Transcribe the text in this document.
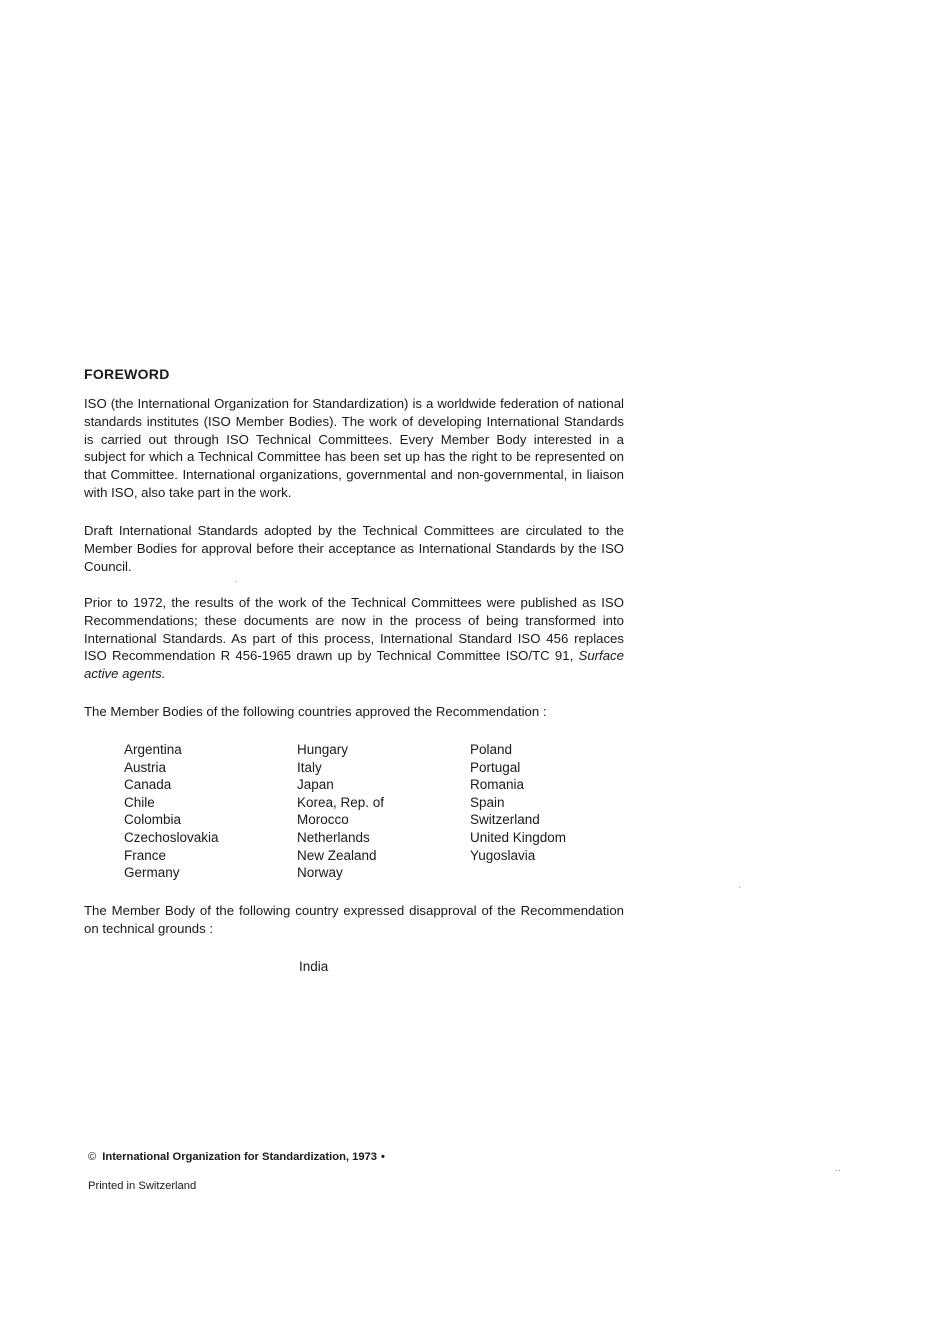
FOREWORD
ISO (the International Organization for Standardization) is a worldwide federation of national standards institutes (ISO Member Bodies). The work of developing International Standards is carried out through ISO Technical Committees. Every Member Body interested in a subject for which a Technical Committee has been set up has the right to be represented on that Committee. International organizations, governmental and non-governmental, in liaison with ISO, also take part in the work.
Draft International Standards adopted by the Technical Committees are circulated to the Member Bodies for approval before their acceptance as International Standards by the ISO Council.
Prior to 1972, the results of the work of the Technical Committees were published as ISO Recommendations; these documents are now in the process of being transformed into International Standards. As part of this process, International Standard ISO 456 replaces ISO Recommendation R 456-1965 drawn up by Technical Committee ISO/TC 91, Surface active agents.
The Member Bodies of the following countries approved the Recommendation :
Argentina
Austria
Canada
Chile
Colombia
Czechoslovakia
France
Germany
Hungary
Italy
Japan
Korea, Rep. of
Morocco
Netherlands
New Zealand
Norway
Poland
Portugal
Romania
Spain
Switzerland
United Kingdom
Yugoslavia
The Member Body of the following country expressed disapproval of the Recommendation on technical grounds :
India
© International Organization for Standardization, 1973 •
Printed in Switzerland
